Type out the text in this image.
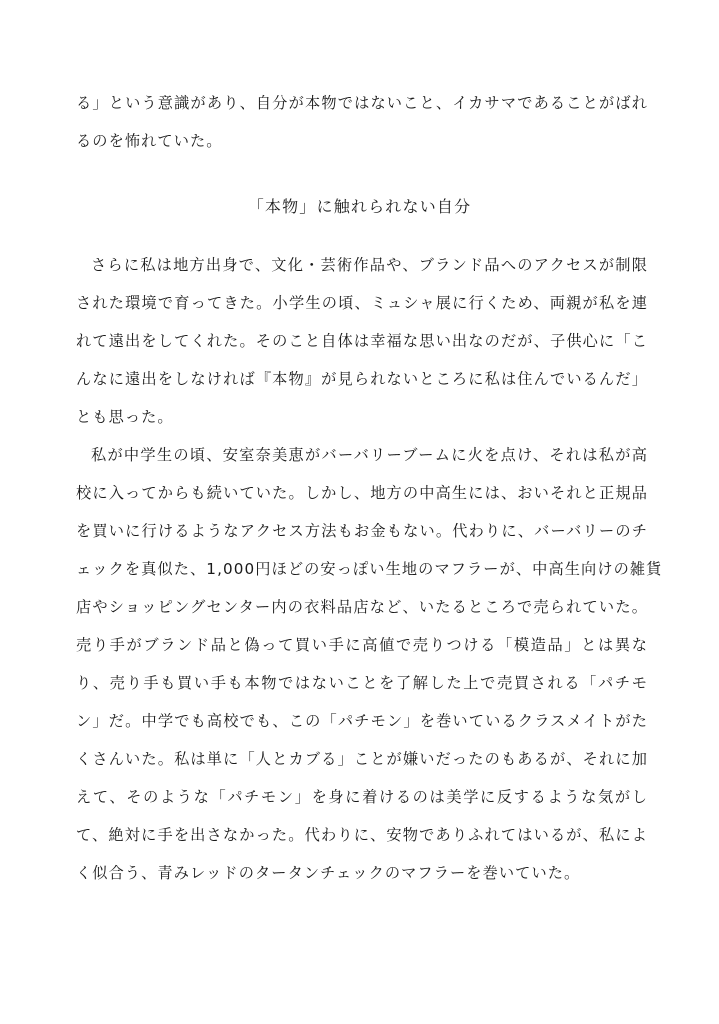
る」という意識があり、自分が本物ではないこと、イカサマであることがばれ
るのを怖れていた。
「本物」に触れられない自分
さらに私は地方出身で、文化・芸術作品や、ブランド品へのアクセスが制限
された環境で育ってきた。小学生の頃、ミュシャ展に行くため、両親が私を連
れて遠出をしてくれた。そのこと自体は幸福な思い出なのだが、子供心に「こ
んなに遠出をしなければ『本物』が見られないところに私は住んでいるんだ」
とも思った。
私が中学生の頃、安室奈美恵がバーバリーブームに火を点け、それは私が高
校に入ってからも続いていた。しかし、地方の中高生には、おいそれと正規品
を買いに行けるようなアクセス方法もお金もない。代わりに、バーバリーのチ
ェックを真似た、1,000円ほどの安っぽい生地のマフラーが、中高生向けの雑貨
店やショッピングセンター内の衣料品店など、いたるところで売られていた。
売り手がブランド品と偽って買い手に高値で売りつける「模造品」とは異な
り、売り手も買い手も本物ではないことを了解した上で売買される「パチモ
ン」だ。中学でも高校でも、この「パチモン」を巻いているクラスメイトがた
くさんいた。私は単に「人とカブる」ことが嫌いだったのもあるが、それに加
えて、そのような「パチモン」を身に着けるのは美学に反するような気がし
て、絶対に手を出さなかった。代わりに、安物でありふれてはいるが、私によ
く似合う、青みレッドのタータンチェックのマフラーを巻いていた。
